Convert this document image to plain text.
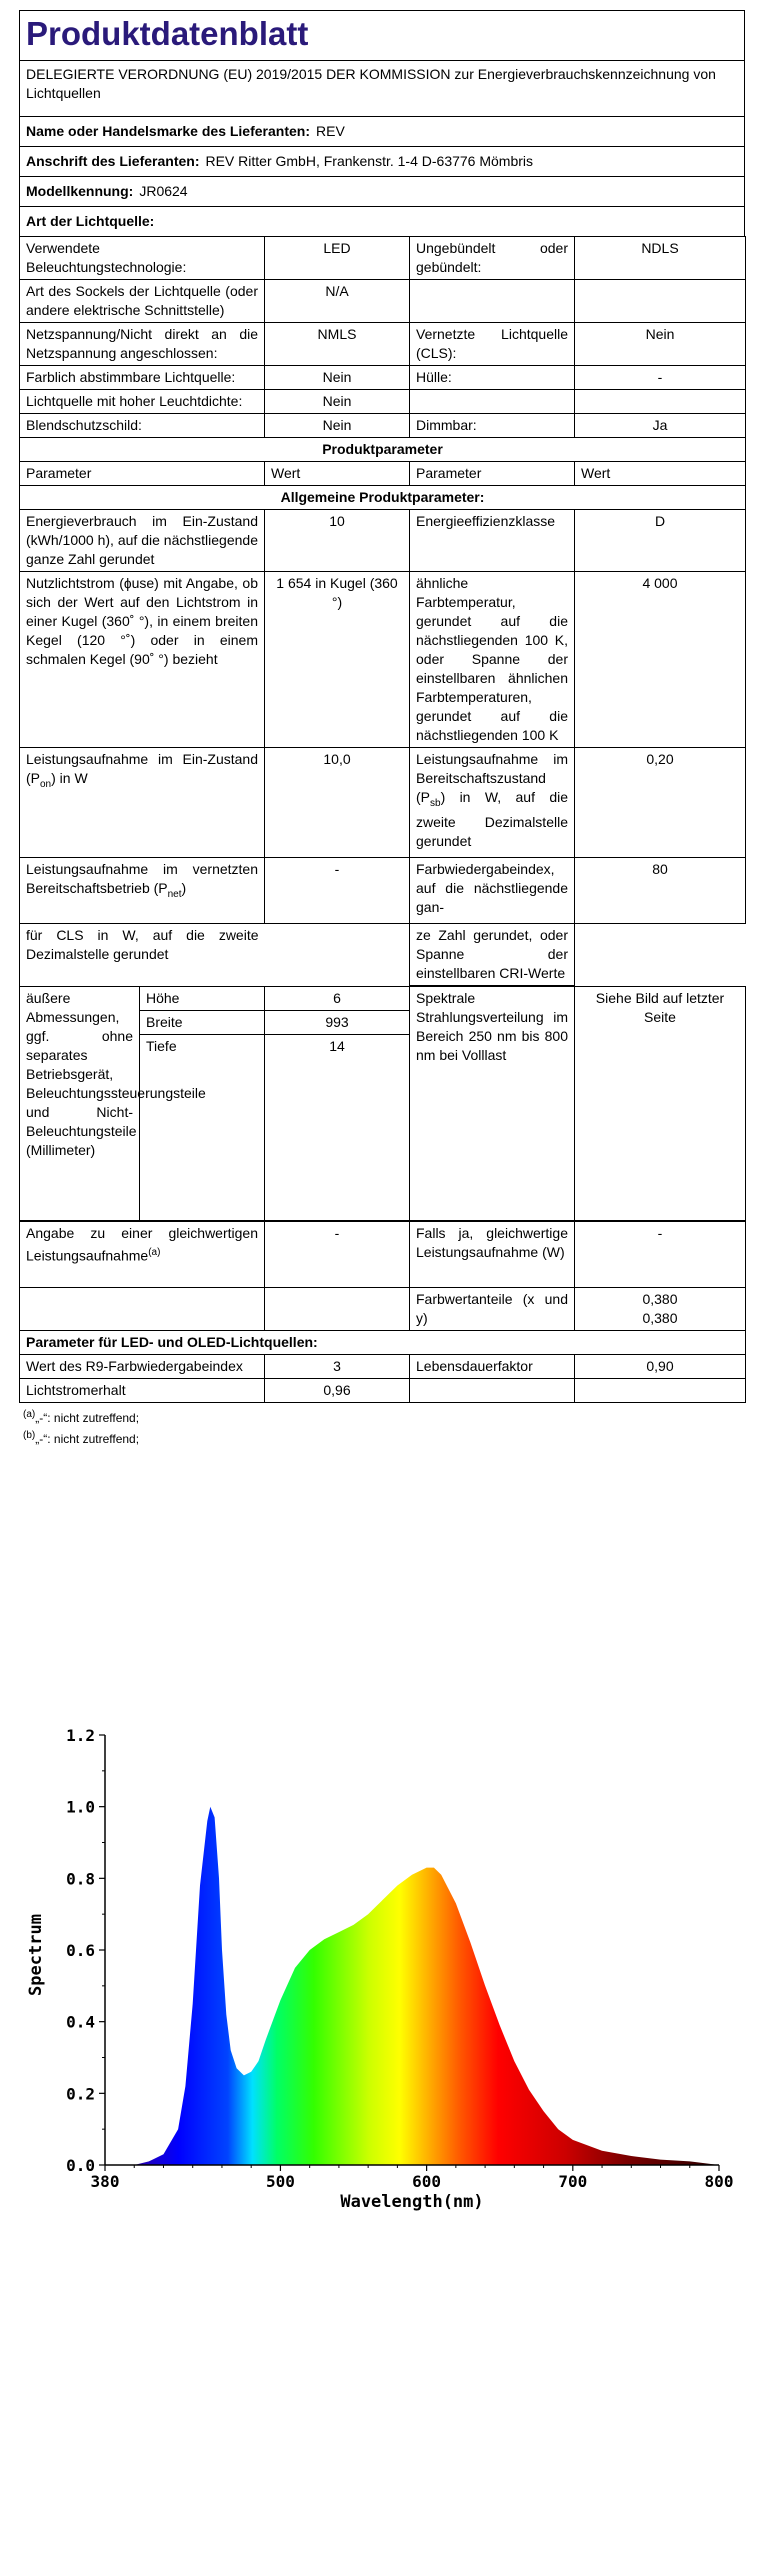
Produktdatenblatt
DELEGIERTE VERORDNUNG (EU) 2019/2015 DER KOMMISSION zur Energieverbrauchskennzeichnung von Lichtquellen
Name oder Handelsmarke des Lieferanten: REV
Anschrift des Lieferanten: REV Ritter GmbH, Frankenstr. 1-4 D-63776 Mömbris
Modellkennung: JR0624
Art der Lichtquelle:
Verwendete Beleuchtungstechnologie:	LED	Ungebündelt oder gebündelt:	NDLS
Art des Sockels der Lichtquelle (oder andere elektrische Schnittstelle)	N/A		
Netzspannung/Nicht direkt an die Netzspannung angeschlossen:	NMLS	Vernetzte Lichtquelle (CLS):	Nein
Farblich abstimmbare Lichtquelle:	Nein	Hülle:	-
Lichtquelle mit hoher Leuchtdichte:	Nein		
Blendschutzschild:	Nein	Dimmbar:	Ja
Produktparameter			
Parameter	Wert	Parameter	Wert
Allgemeine Produktparameter:			
Energieverbrauch im Ein-Zustand (kWh/1000 h), auf die nächstliegende ganze Zahl gerundet	10	Energieeffizienzklasse	D
Nutzlichtstrom (ɸuse) mit Angabe, ob sich der Wert auf den Lichtstrom in einer Kugel (360˚ °), in einem breiten Kegel (120 °˚) oder in einem schmalen Kegel (90˚ °) bezieht	1 654 in Kugel (360 °)	ähnliche Farbtemperatur, gerundet auf die nächstliegenden 100 K, oder Spanne der einstellbaren ähnlichen Farbtemperaturen, gerundet auf die nächstliegenden 100 K	4 000
Leistungsaufnahme im Ein-Zustand $(P_{on})$ in W	10,0	Leistungsaufnahme im Bereitschaftszustand $(P_{sb})$ in W, auf die zweite Dezimalstelle gerundet	0,20
Leistungsaufnahme im vernetzten Bereitschaftsbetrieb $(P_{net})$	-	Farbwiedergabeindex, auf die nächstliegende gan-	80
für CLS in W, auf die zweite Dezimalstelle gerundet		ze Zahl gerundet, oder Spanne der einstellbaren CRI-Werte	
äußere Abmessungen, ggf. ohne separates Betriebsgerät, Beleuchtungssteuerungsteile und Nicht-Beleuchtungsteile (Millimeter)	Höhe	6	Spektrale Strahlungsverteilung im Bereich 250 nm bis 800 nm bei Volllast	Siehe Bild auf letzter Seite
	Breite	993		
	Tiefe	14		
Angabe zu einer gleichwertigen Leistungsaufnahme$^{(a)}$	-	Falls ja, gleichwertige Leistungsaufnahme (W)	-
		Farbwertanteile (x und y)	0,380
0,380

Parameter für LED- und OLED-Lichtquellen:			
Wert des R9-Farbwiedergabeindex	3	Lebensdauerfaktor	0,90
Lichtstromerhalt	0,96		
$^{(a)}$„-“: nicht zutreffend;
$^{(b)}$„-“: nicht zutreffend;
0.0
0.2
0.4
0.6
0.8
1.0
1.2
380	500	600	700	800
Spectrum
Wavelength(nm)
